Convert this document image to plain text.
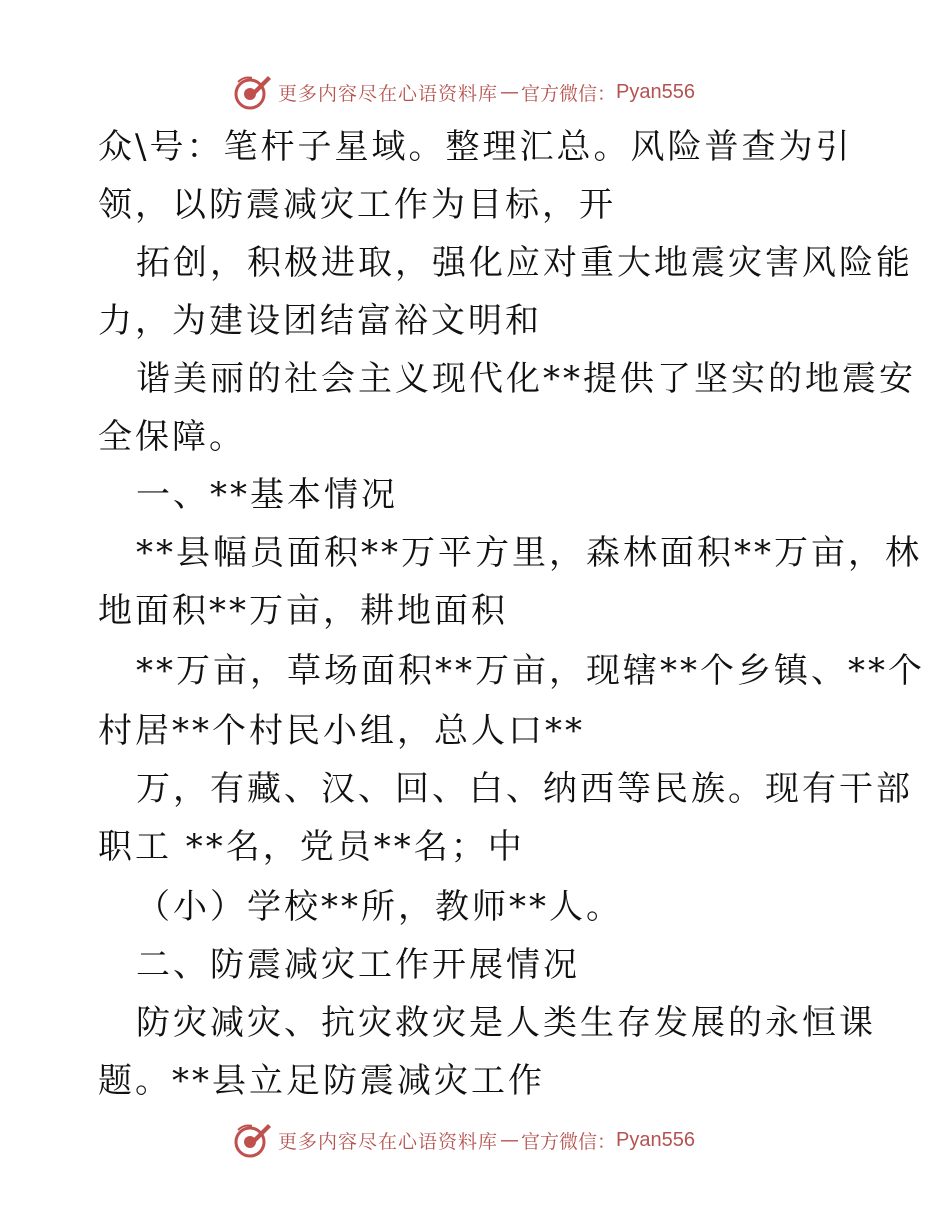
更多内容尽在心语资料库 — 官方微信： Pyan556
众\号：笔杆子星域。整理汇总。风险普查为引
领，以防震减灾工作为目标，开
拓创，积极进取，强化应对重大地震灾害风险能
力，为建设团结富裕文明和
谐美丽的社会主义现代化**提供了坚实的地震安
全保障。
一、**基本情况
**县幅员面积**万平方里，森林面积**万亩，林
地面积**万亩，耕地面积
**万亩，草场面积**万亩，现辖**个乡镇、**个
村居**个村民小组，总人口**
万，有藏、汉、回、白、纳西等民族。现有干部
职工 **名，党员**名；中
（小）学校**所，教师**人。
二、防震减灾工作开展情况
防灾减灾、抗灾救灾是人类生存发展的永恒课
题。**县立足防震减灾工作
更多内容尽在心语资料库 — 官方微信： Pyan556
